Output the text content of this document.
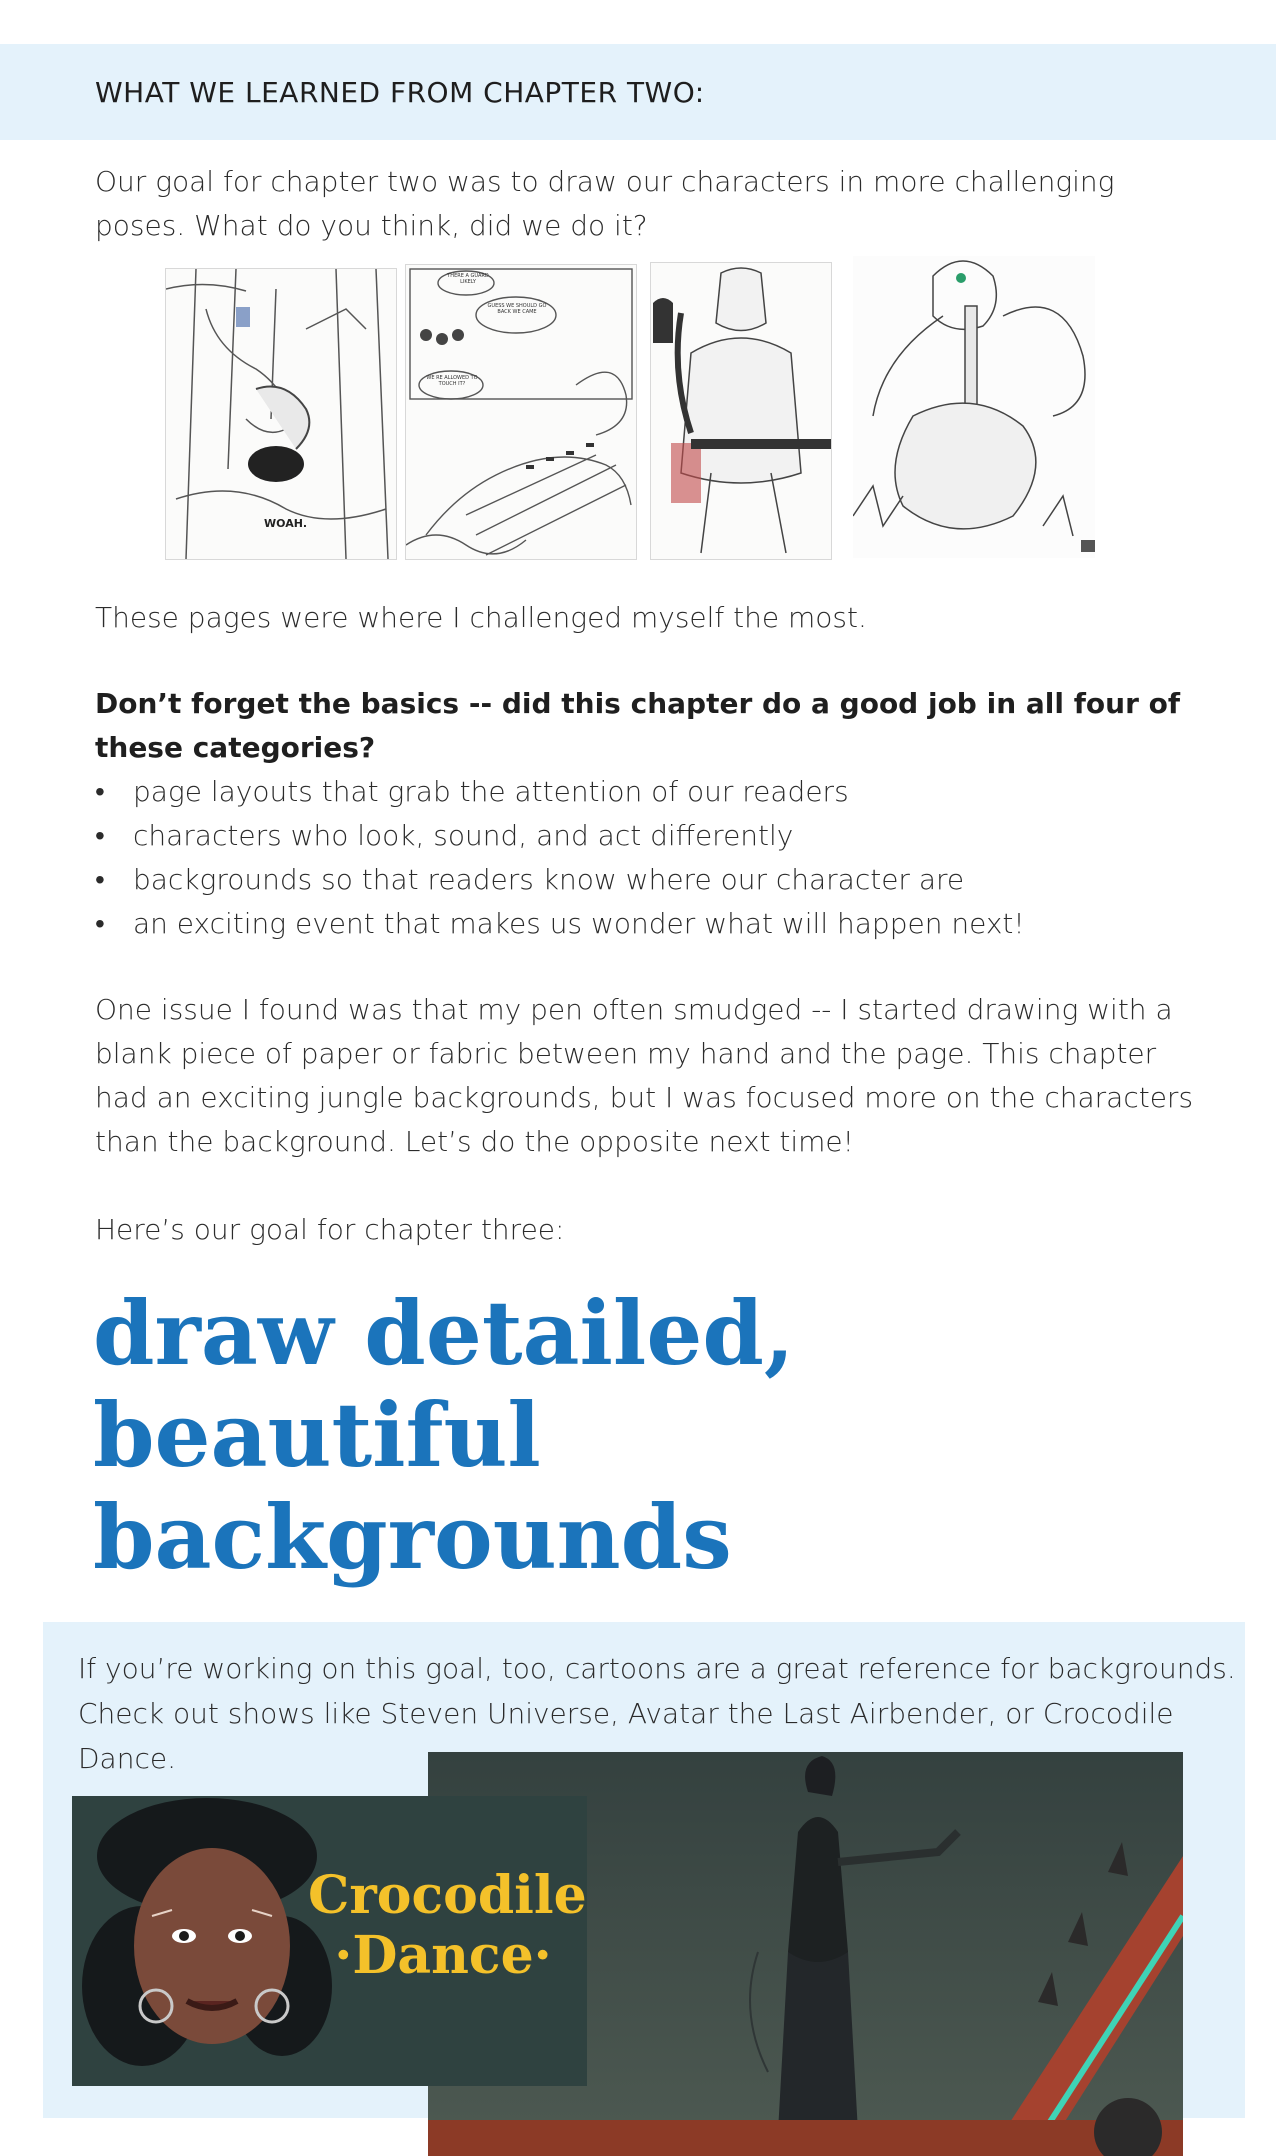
WHAT WE LEARNED FROM CHAPTER TWO:

Our goal for chapter two was to draw our characters in more challenging poses. What do you think, did we do it?

WOAH.
THERE A GUARD LIKELY
GUESS WE SHOULD GO BACK WE CAME
WE RE ALLOWED TO TOUCH IT?

These pages were where I challenged myself the most.

Don’t forget the basics -- did this chapter do a good job in all four of these categories?

• page layouts that grab the attention of our readers
• characters who look, sound, and act differently
• backgrounds so that readers know where our character are
• an exciting event that makes us wonder what will happen next!

One issue I found was that my pen often smudged -- I started drawing with a blank piece of paper or fabric between my hand and the page. This chapter had an exciting jungle backgrounds, but I was focused more on the characters than the background. Let’s do the opposite next time!

Here’s our goal for chapter three:

draw detailed,
beautiful
backgrounds

If you’re working on this goal, too, cartoons are a great reference for backgrounds. Check out shows like Steven Universe, Avatar the Last Airbender, or Crocodile Dance.

Crocodile
·Dance·
